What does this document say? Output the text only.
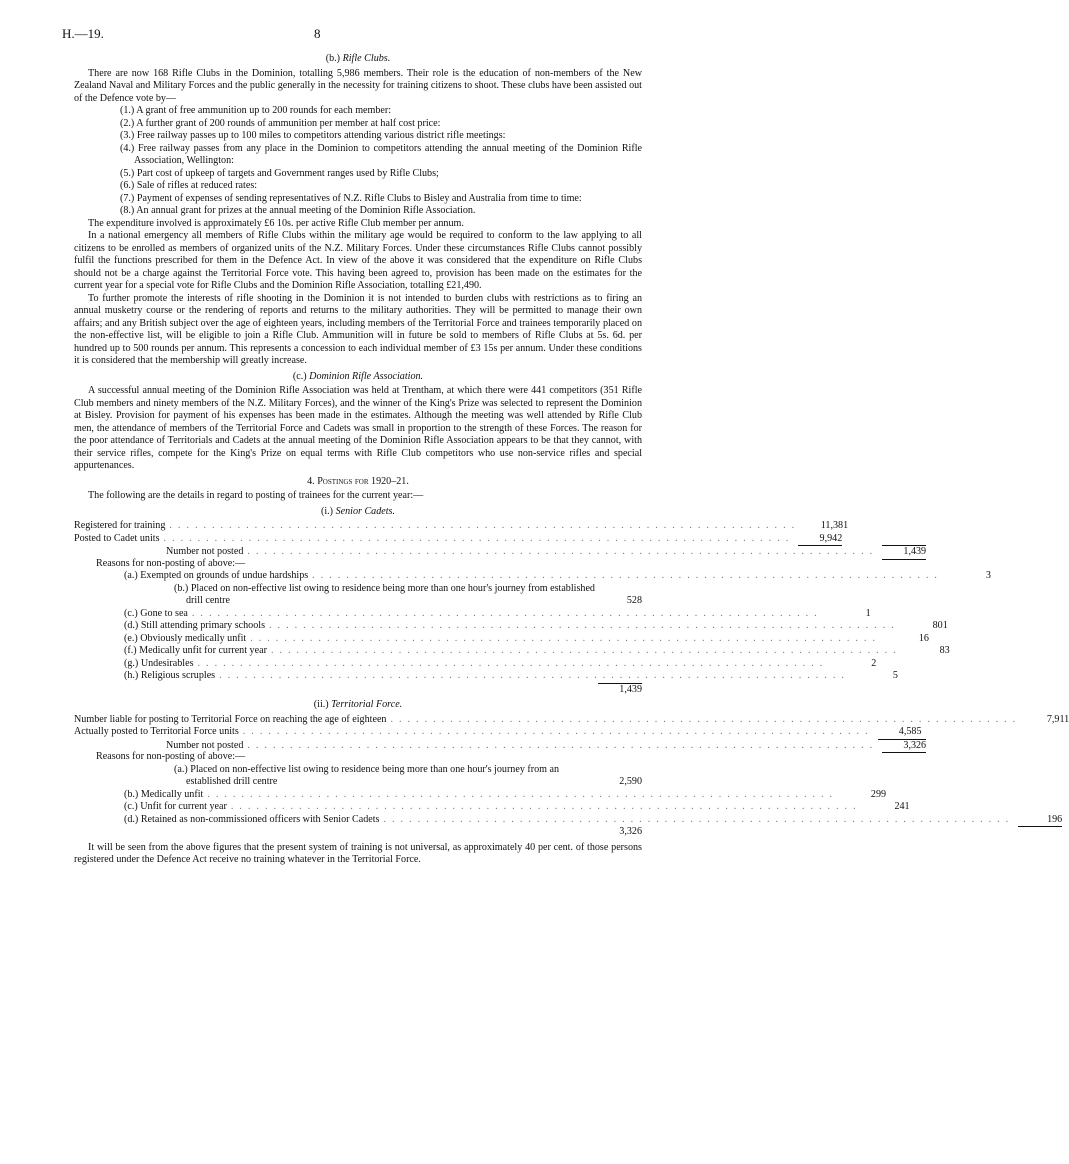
H.—19.	8
(b.) Rifle Clubs.

There are now 168 Rifle Clubs in the Dominion, totalling 5,986 members. Their role is the education of non-members of the New Zealand Naval and Military Forces and the public generally in the necessity for training citizens to shoot. These clubs have been assisted out of the Defence vote by—

(1.) A grant of free ammunition up to 200 rounds for each member:
(2.) A further grant of 200 rounds of ammunition per member at half cost price:
(3.) Free railway passes up to 100 miles to competitors attending various district rifle meetings:
(4.) Free railway passes from any place in the Dominion to competitors attending the annual meeting of the Dominion Rifle Association, Wellington:
(5.) Part cost of upkeep of targets and Government ranges used by Rifle Clubs;
(6.) Sale of rifles at reduced rates:
(7.) Payment of expenses of sending representatives of N.Z. Rifle Clubs to Bisley and Australia from time to time:
(8.) An annual grant for prizes at the annual meeting of the Dominion Rifle Association.

The expenditure involved is approximately £6 10s. per active Rifle Club member per annum.

In a national emergency all members of Rifle Clubs within the military age would be required to conform to the law applying to all citizens to be enrolled as members of organized units of the N.Z. Military Forces. Under these circumstances Rifle Clubs cannot possibly fulfil the functions prescribed for them in the Defence Act. In view of the above it was considered that the expenditure on Rifle Clubs should not be a charge against the Territorial Force vote. This having been agreed to, provision has been made on the estimates for the current year for a special vote for Rifle Clubs and the Dominion Rifle Association, totalling £21,490.

To further promote the interests of rifle shooting in the Dominion it is not intended to burden clubs with restrictions as to firing an annual musketry course or the rendering of reports and returns to the military authorities. They will be permitted to manage their own affairs; and any British subject over the age of eighteen years, including members of the Territorial Force and trainees temporarily placed on the non-effective list, will be eligible to join a Rifle Club. Ammunition will in future be sold to members of Rifle Clubs at 5s. 6d. per hundred up to 500 rounds per annum. This represents a concession to each individual member of £3 15s per annum. Under these conditions it is considered that the membership will greatly increase.

(c.) Dominion Rifle Association.

A successful annual meeting of the Dominion Rifle Association was held at Trentham, at which there were 441 competitors (351 Rifle Club members and ninety members of the N.Z. Military Forces), and the winner of the King's Prize was selected to represent the Dominion at Bisley. Provision for payment of his expenses has been made in the estimates. Although the meeting was well attended by Rifle Club men, the attendance of members of the Territorial Force and Cadets was small in proportion to the strength of these Forces. The reason for the poor attendance of Territorials and Cadets at the annual meeting of the Dominion Rifle Association appears to be that they cannot, with their service rifles, compete for the King's Prize on equal terms with Rifle Club competitors who use non-service rifles and special appurtenances.

4. Postings for 1920–21.

The following are the details in regard to posting of trainees for the current year:—

(i.) Senior Cadets.
Registered for training ..........................................................................	11,381
Posted to Cadet units ..........................................................................	9,942
Number not posted ..........................................................................	1,439
Reasons for non-posting of above:—
(a.) Exempted on grounds of undue hardships ..........................................................................	3
(b.) Placed on non-effective list owing to residence being more than one hour's journey from established drill centre	528
(c.) Gone to sea ..........................................................................	1
(d.) Still attending primary schools ..........................................................................	801
(e.) Obviously medically unfit ..........................................................................	16
(f.) Medically unfit for current year ..........................................................................	83
(g.) Undesirables ..........................................................................	2
(h.) Religious scruples ..........................................................................	5
1,439
(ii.) Territorial Force.
Number liable for posting to Territorial Force on reaching the age of eighteen ..........................................................................	7,911
Actually posted to Territorial Force units ..........................................................................	4,585
Number not posted ..........................................................................	3,326
Reasons for non-posting of above:—
(a.) Placed on non-effective list owing to residence being more than one hour's journey from an established drill centre	2,590
(b.) Medically unfit ..........................................................................	299
(c.) Unfit for current year ..........................................................................	241
(d.) Retained as non-commissioned officers with Senior Cadets ..........................................................................	196
3,326

It will be seen from the above figures that the present system of training is not universal, as approximately 40 per cent. of those persons registered under the Defence Act receive no training whatever in the Territorial Force.
